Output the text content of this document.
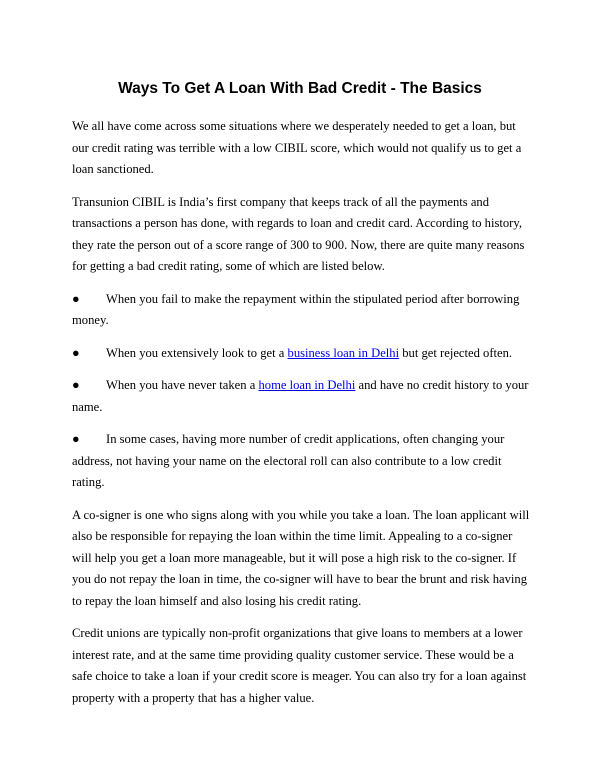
Ways To Get A Loan With Bad Credit - The Basics

We all have come across some situations where we desperately needed to get a loan, but our credit rating was terrible with a low CIBIL score, which would not qualify us to get a loan sanctioned.

Transunion CIBIL is India’s first company that keeps track of all the payments and transactions a person has done, with regards to loan and credit card. According to history, they rate the person out of a score range of 300 to 900. Now, there are quite many reasons for getting a bad credit rating, some of which are listed below.

● When you fail to make the repayment within the stipulated period after borrowing money.
● When you extensively look to get a business loan in Delhi but get rejected often.
● When you have never taken a home loan in Delhi and have no credit history to your name.
● In some cases, having more number of credit applications, often changing your address, not having your name on the electoral roll can also contribute to a low credit rating.

A co-signer is one who signs along with you while you take a loan. The loan applicant will also be responsible for repaying the loan within the time limit. Appealing to a co-signer will help you get a loan more manageable, but it will pose a high risk to the co-signer. If you do not repay the loan in time, the co-signer will have to bear the brunt and risk having to repay the loan himself and also losing his credit rating.

Credit unions are typically non-profit organizations that give loans to members at a lower interest rate, and at the same time providing quality customer service. These would be a safe choice to take a loan if your credit score is meager. You can also try for a loan against property with a property that has a higher value.
